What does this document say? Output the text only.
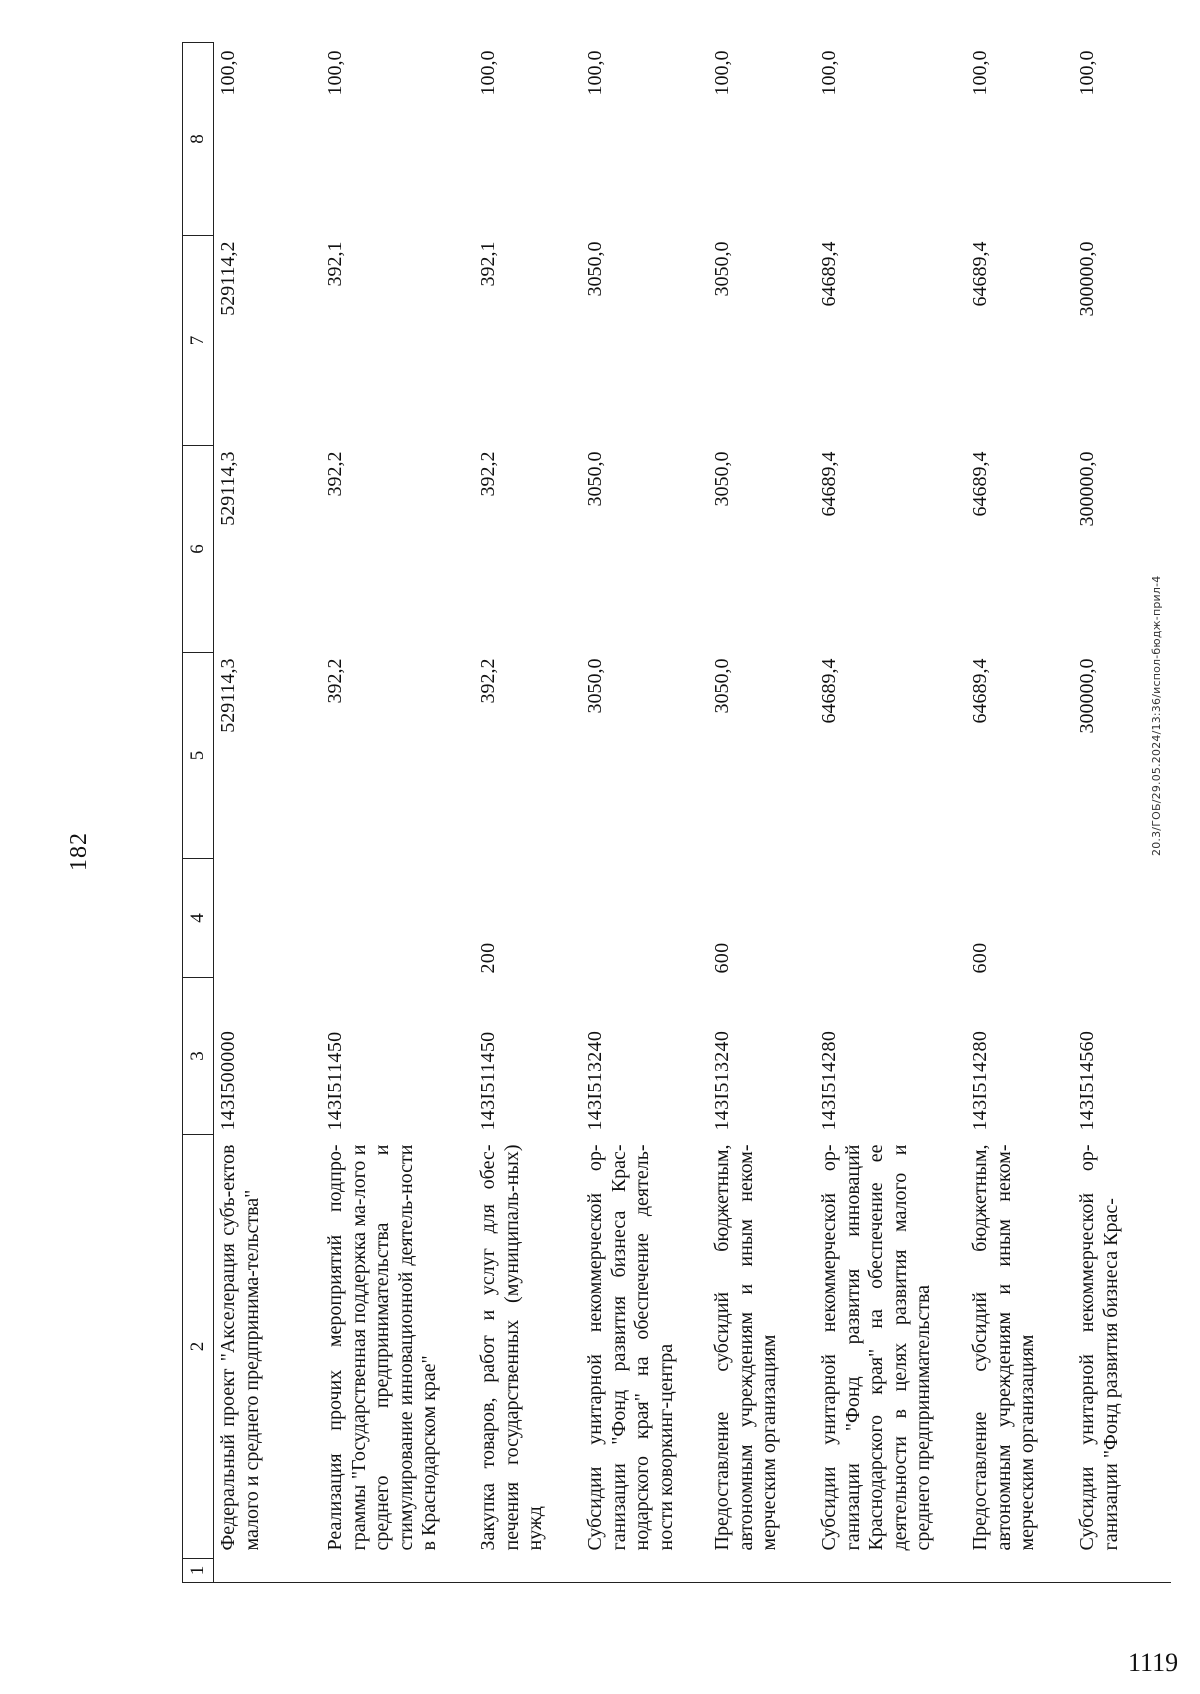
182
1	2	3	4	5	6	7	8
	Федеральный проект "Акселерация субъ-ектов малого и среднего предпринима-тельства"	143I500000		529114,3	529114,3	529114,2	100,0
	Реализация прочих мероприятий подпро-граммы "Государственная поддержка ма-лого и среднего предпринимательства и стимулирование инновационной деятель-ности в Краснодарском крае"	143I511450		392,2	392,2	392,1	100,0
	Закупка товаров, работ и услуг для обес-печения государственных (муниципаль-ных) нужд	143I511450	200	392,2	392,2	392,1	100,0
	Субсидии унитарной некоммерческой ор-ганизации "Фонд развития бизнеса Крас-нодарского края" на обеспечение деятель-ности коворкинг-центра	143I513240		3050,0	3050,0	3050,0	100,0
	Предоставление субсидий бюджетным, автономным учреждениям и иным неком-мерческим организациям	143I513240	600	3050,0	3050,0	3050,0	100,0
	Субсидии унитарной некоммерческой ор-ганизации "Фонд развития инноваций Краснодарского края" на обеспечение ее деятельности в целях развития малого и среднего предпринимательства	143I514280		64689,4	64689,4	64689,4	100,0
	Предоставление субсидий бюджетным, автономным учреждениям и иным неком-мерческим организациям	143I514280	600	64689,4	64689,4	64689,4	100,0
	Субсидии унитарной некоммерческой ор-ганизации "Фонд развития бизнеса Крас-	143I514560		300000,0	300000,0	300000,0	100,0
20.3/ГОБ/29.05.2024/13:36/испол-бюдж-прил-4
1119
